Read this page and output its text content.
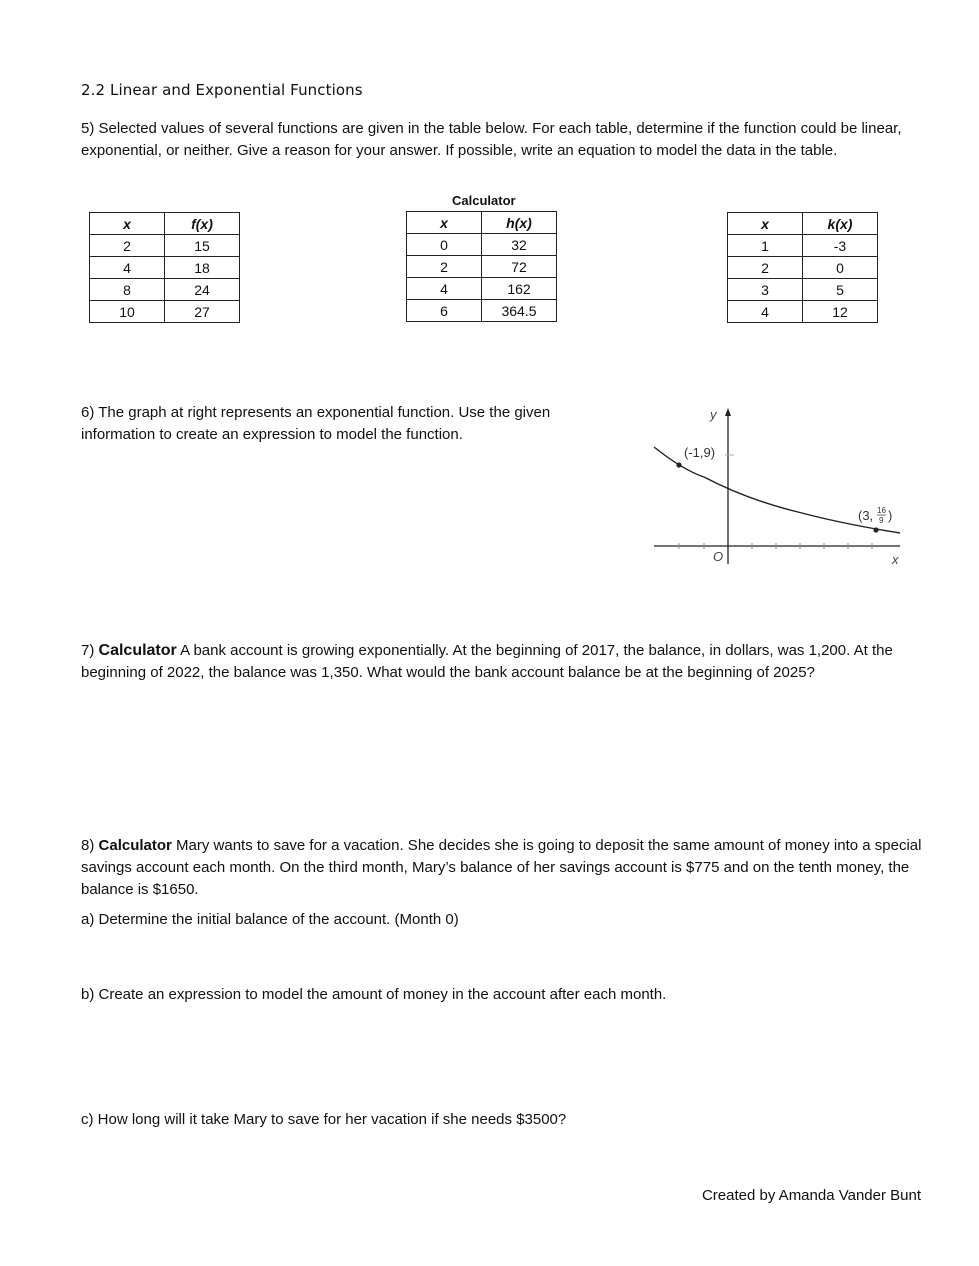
2.2 Linear and Exponential Functions
5) Selected values of several functions are given in the table below. For each table, determine if the function could be linear, exponential, or neither. Give a reason for your answer. If possible, write an equation to model the data in the table.
Calculator
x	f(x)
2	15
4	18
8	24
10	27
x	h(x)
0	32
2	72
4	162
6	364.5
x	k(x)
1	-3
2	0
3	5
4	12
6) The graph at right represents an exponential function. Use the given information to create an expression to model the function.
y
x
O
(-1,9)
(3, 16
9 )
7) Calculator A bank account is growing exponentially. At the beginning of 2017, the balance, in dollars, was 1,200. At the beginning of 2022, the balance was 1,350. What would the bank account balance be at the beginning of 2025?
8) Calculator Mary wants to save for a vacation. She decides she is going to deposit the same amount of money into a special savings account each month. On the third month, Mary’s balance of her savings account is $775 and on the tenth money, the balance is $1650.
a) Determine the initial balance of the account. (Month 0)
b) Create an expression to model the amount of money in the account after each month.
c) How long will it take Mary to save for her vacation if she needs $3500?
Created by Amanda Vander Bunt
